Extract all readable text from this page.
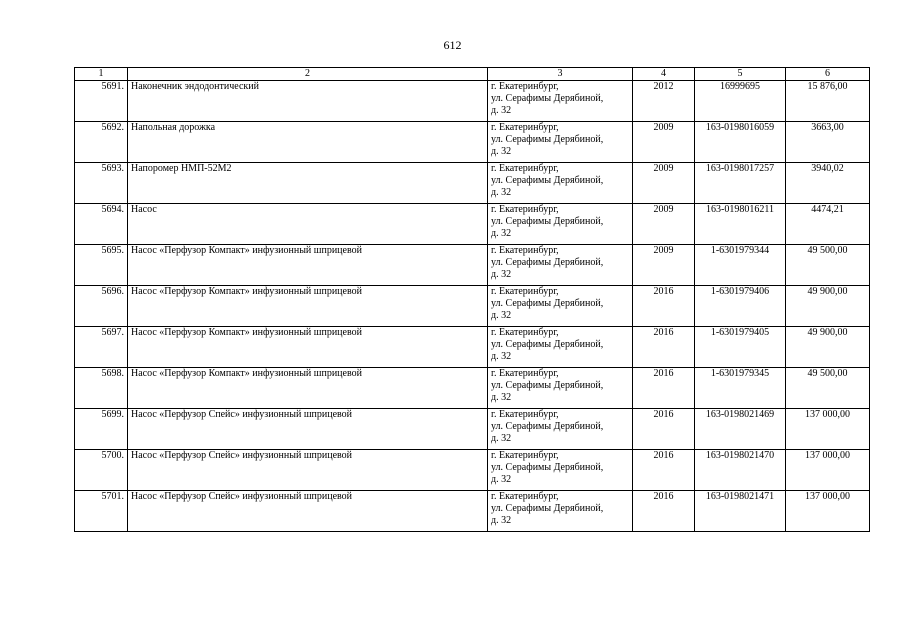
612
1	2	3	4	5	6
5691.	Наконечник эндодонтический	г. Екатеринбург,
ул. Серафимы Дерябиной,
д. 32	2012	16999695	15 876,00
5692.	Напольная дорожка	г. Екатеринбург,
ул. Серафимы Дерябиной,
д. 32	2009	163-0198016059	3663,00
5693.	Напоромер НМП-52М2	г. Екатеринбург,
ул. Серафимы Дерябиной,
д. 32	2009	163-0198017257	3940,02
5694.	Насос	г. Екатеринбург,
ул. Серафимы Дерябиной,
д. 32	2009	163-0198016211	4474,21
5695.	Насос «Перфузор Компакт» инфузионный шприцевой	г. Екатеринбург,
ул. Серафимы Дерябиной,
д. 32	2009	1-6301979344	49 500,00
5696.	Насос «Перфузор Компакт» инфузионный шприцевой	г. Екатеринбург,
ул. Серафимы Дерябиной,
д. 32	2016	1-6301979406	49 900,00
5697.	Насос «Перфузор Компакт» инфузионный шприцевой	г. Екатеринбург,
ул. Серафимы Дерябиной,
д. 32	2016	1-6301979405	49 900,00
5698.	Насос «Перфузор Компакт» инфузионный шприцевой	г. Екатеринбург,
ул. Серафимы Дерябиной,
д. 32	2016	1-6301979345	49 500,00
5699.	Насос «Перфузор Спейс» инфузионный шприцевой	г. Екатеринбург,
ул. Серафимы Дерябиной,
д. 32	2016	163-0198021469	137 000,00
5700.	Насос «Перфузор Спейс» инфузионный шприцевой	г. Екатеринбург,
ул. Серафимы Дерябиной,
д. 32	2016	163-0198021470	137 000,00
5701.	Насос «Перфузор Спейс» инфузионный шприцевой	г. Екатеринбург,
ул. Серафимы Дерябиной,
д. 32	2016	163-0198021471	137 000,00
